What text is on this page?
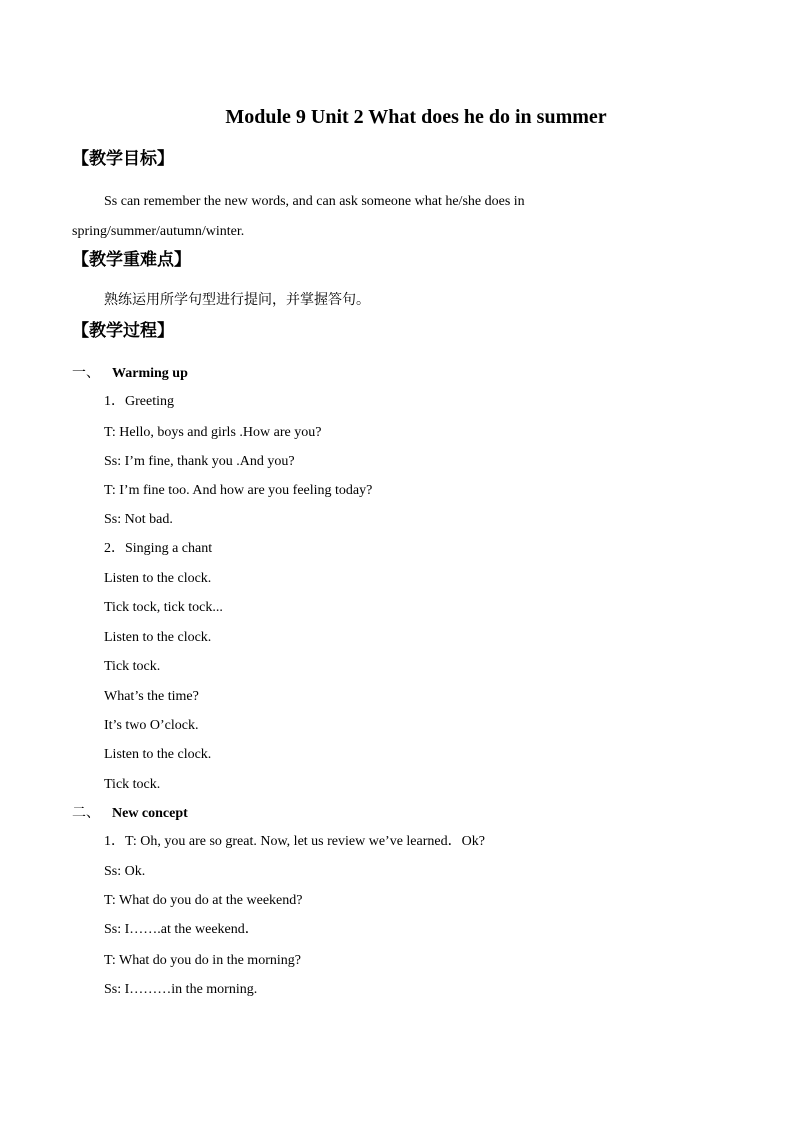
Module 9 Unit 2 What does he do in summer
【教学目标】
Ss can remember the new words, and can ask someone what he/she does in
spring/summer/autumn/winter.
【教学重难点】
熟练运用所学句型进行提问，并掌握答句。
【教学过程】
一、 Warming up
1．Greeting
T: Hello, boys and girls .How are you?
Ss: I’m fine, thank you .And you?
T: I’m fine too. And how are you feeling today?
Ss: Not bad.
2．Singing a chant
Listen to the clock.
Tick tock, tick tock...
Listen to the clock.
Tick tock.
What’s the time?
It’s two O’clock.
Listen to the clock.
Tick tock.
二、 New concept
1．T: Oh, you are so great. Now, let us review we’ve learned．Ok?
Ss: Ok.
T: What do you do at the weekend?
Ss: I…….at the weekend．
T: What do you do in the morning?
Ss: I………in the morning.
